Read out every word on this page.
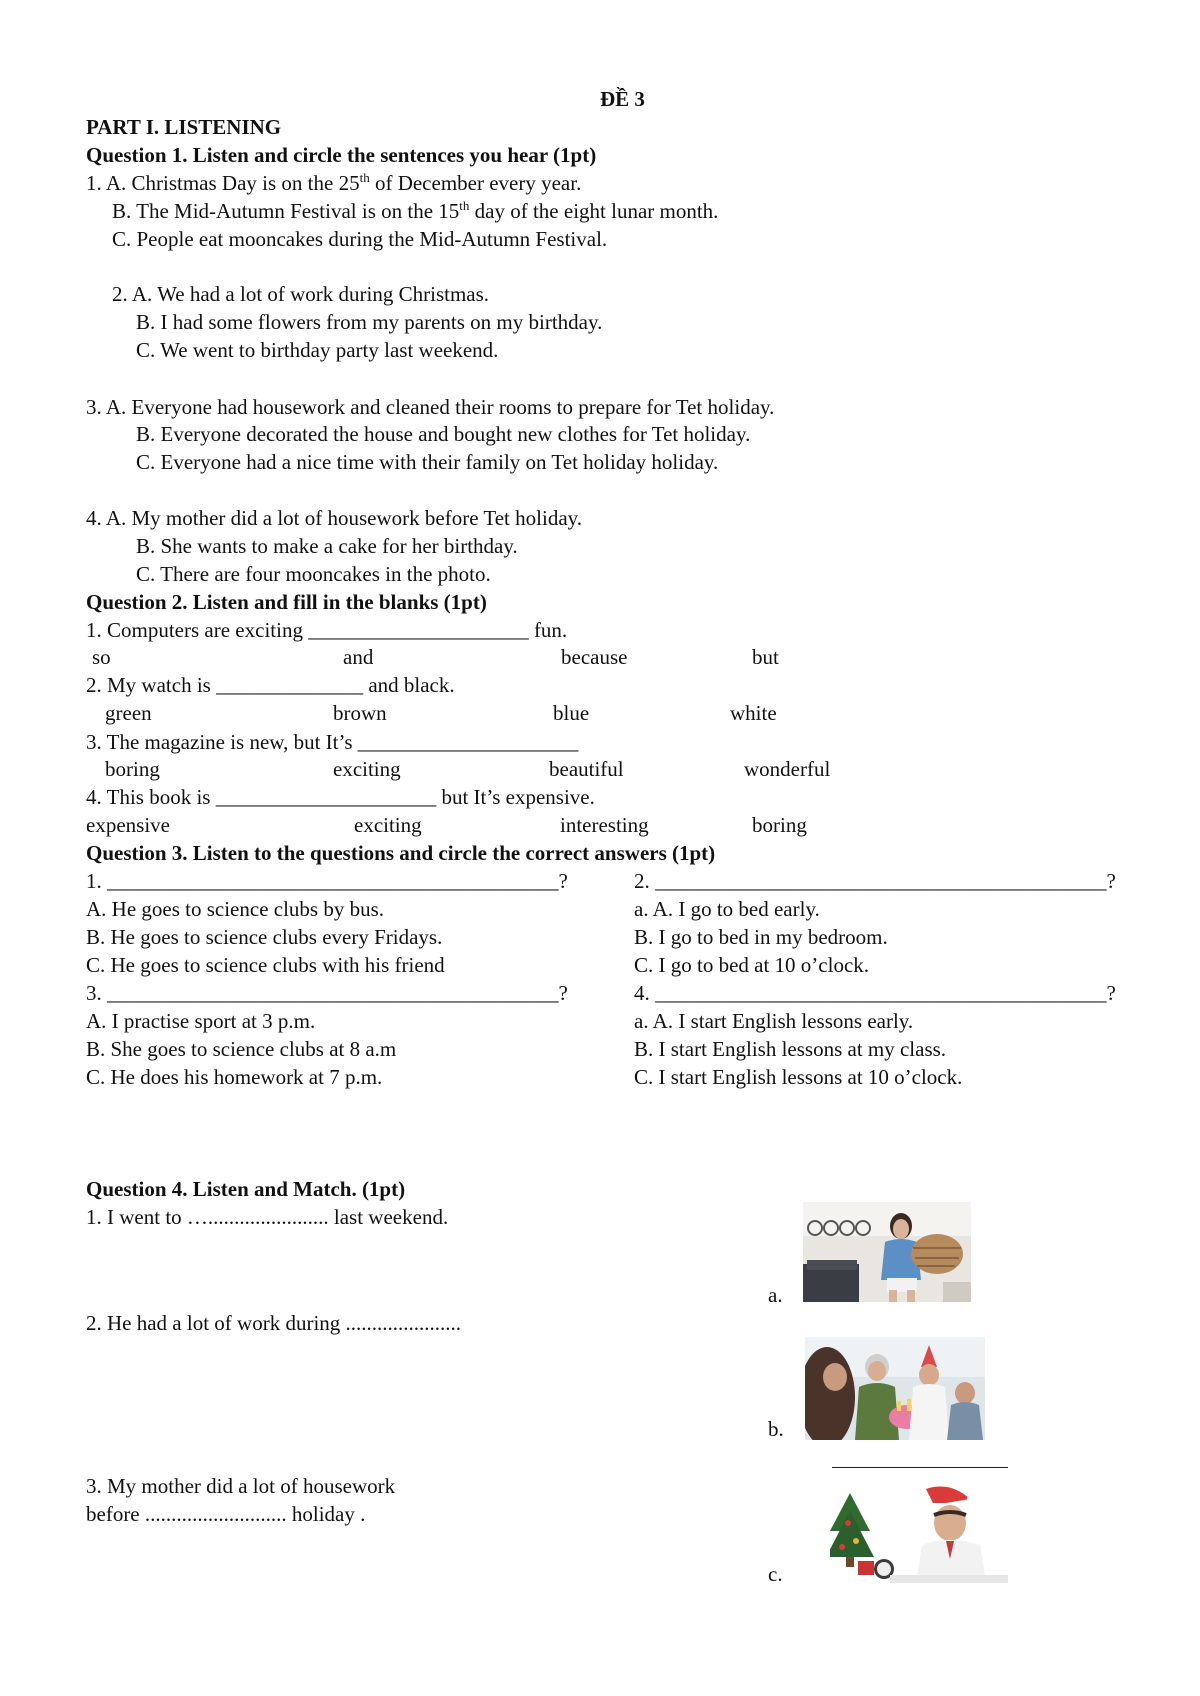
ĐỀ 3
PART I. LISTENING
Question 1. Listen and circle the sentences you hear (1pt)
1. A. Christmas Day is on the 25th of December every year.
B. The Mid-Autumn Festival is on the 15th day of the eight lunar month.
C. People eat mooncakes during the Mid-Autumn Festival.
2. A. We had a lot of work during Christmas.
B. I had some flowers from my parents on my birthday.
C. We went to birthday party last weekend.
3. A. Everyone had housework and cleaned their rooms to prepare for Tet holiday.
B. Everyone decorated the house and bought new clothes for Tet holiday.
C. Everyone had a nice time with their family on Tet holiday holiday.
4. A. My mother did a lot of housework before Tet holiday.
B. She wants to make a cake for her birthday.
C. There are four mooncakes in the photo.
Question 2. Listen and fill in the blanks (1pt)
1. Computers are exciting _____________________ fun.
so	and	because	but
2. My watch is ______________ and black.
green	brown	blue	white
3. The magazine is new, but It’s _____________________
boring	exciting	beautiful	wonderful
4. This book is _____________________ but It’s expensive.
expensive	exciting	interesting	boring
Question 3. Listen to the questions and circle the correct answers (1pt)
1. ___________________________________________?
A. He goes to science clubs by bus.
B. He goes to science clubs every Fridays.
C. He goes to science clubs with his friend
2. ___________________________________________?
a. A. I go to bed early.
B. I go to bed in my bedroom.
C. I go to bed at 10 o’clock.
3. ___________________________________________?
A. I practise sport at 3 p.m.
B. She goes to science clubs at 8 a.m
C. He does his homework at 7 p.m.
4. ___________________________________________?
a. A. I start English lessons early.
B. I start English lessons at my class.
C. I start English lessons at 10 o’clock.
Question 4. Listen and Match. (1pt)
1. I went to …....................... last weekend.
2. He had a lot of work during ......................
3. My mother did a lot of housework
before ........................... holiday .
a.
b.
c.
